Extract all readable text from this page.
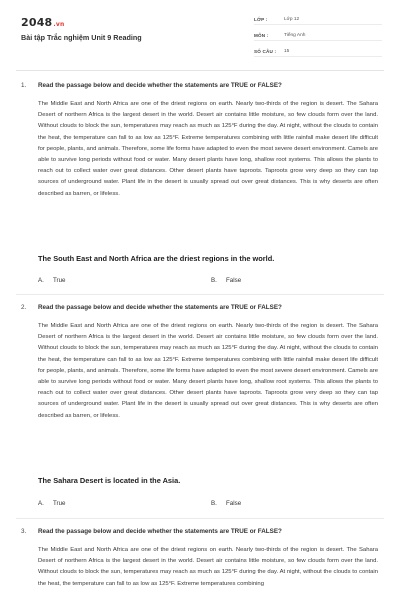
2048.vn
Bài tập Trắc nghiệm Unit 9 Reading
LỚP :	Lớp 12
MÔN :	Tiếng Anh
SỐ CÂU :	15
1. Read the passage below and decide whether the statements are TRUE or FALSE?
The Middle East and North Africa are one of the driest regions on earth. Nearly two-thirds of the region is desert. The Sahara Desert of northern Africa is the largest desert in the world. Desert air contains little moisture, so few clouds form over the land. Without clouds to block the sun, temperatures may reach as much as 125°F during the day. At night, without the clouds to contain the heat, the temperature can fall to as low as 125°F. Extreme temperatures combining with little rainfall make desert life difficult for people, plants, and animals. Therefore, some life forms have adapted to even the most severe desert environment. Camels are able to survive long periods without food or water. Many desert plants have long, shallow root systems. This allows the plants to reach out to collect water over great distances. Other desert plants have taproots. Taproots grow very deep so they can tap sources of underground water. Plant life in the desert is usually spread out over great distances. This is why deserts are often described as barren, or lifeless.
The South East and North Africa are the driest regions in the world.
A. True	B. False
2. Read the passage below and decide whether the statements are TRUE or FALSE?
The Middle East and North Africa are one of the driest regions on earth. Nearly two-thirds of the region is desert. The Sahara Desert of northern Africa is the largest desert in the world. Desert air contains little moisture, so few clouds form over the land. Without clouds to block the sun, temperatures may reach as much as 125°F during the day. At night, without the clouds to contain the heat, the temperature can fall to as low as 125°F. Extreme temperatures combining with little rainfall make desert life difficult for people, plants, and animals. Therefore, some life forms have adapted to even the most severe desert environment. Camels are able to survive long periods without food or water. Many desert plants have long, shallow root systems. This allows the plants to reach out to collect water over great distances. Other desert plants have taproots. Taproots grow very deep so they can tap sources of underground water. Plant life in the desert is usually spread out over great distances. This is why deserts are often described as barren, or lifeless.
The Sahara Desert is located in the Asia.
A. True	B. False
3. Read the passage below and decide whether the statements are TRUE or FALSE?
The Middle East and North Africa are one of the driest regions on earth. Nearly two-thirds of the region is desert. The Sahara Desert of northern Africa is the largest desert in the world. Desert air contains little moisture, so few clouds form over the land. Without clouds to block the sun, temperatures may reach as much as 125°F during the day. At night, without the clouds to contain the heat, the temperature can fall to as low as 125°F. Extreme temperatures combining
